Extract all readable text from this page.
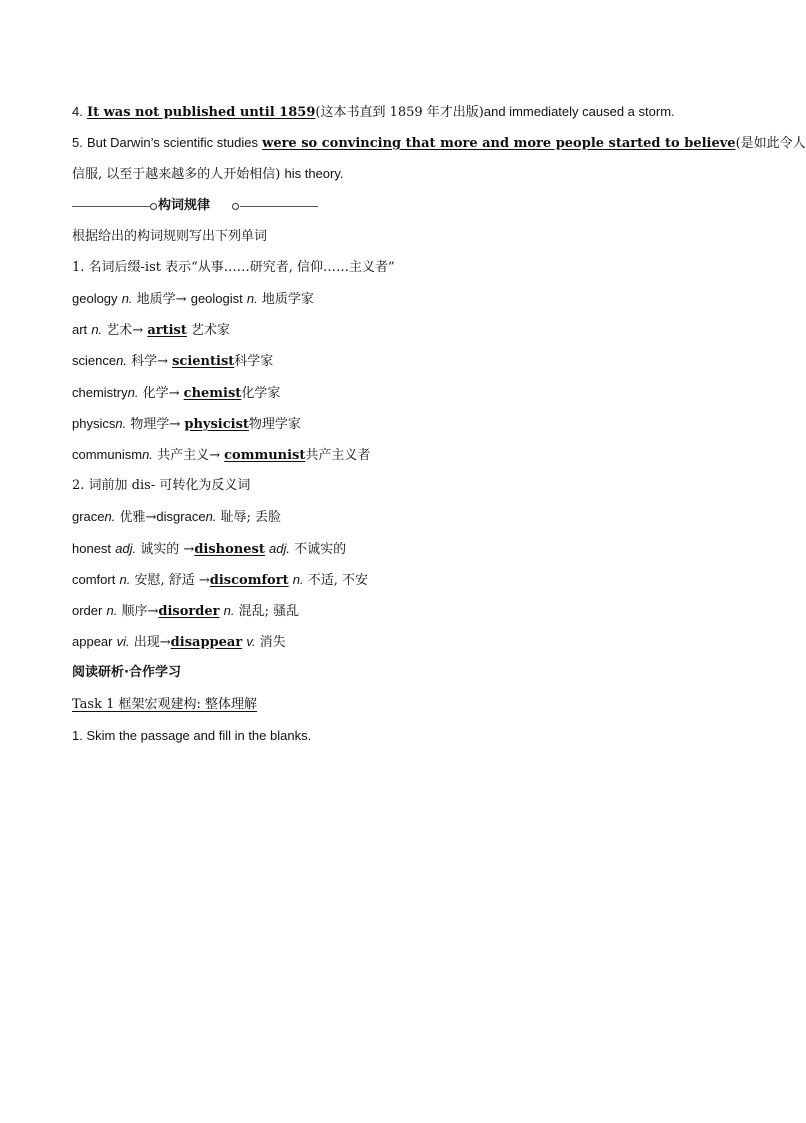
4. It was not published until 1859(这本书直到 1859 年才出版)and immediately caused a storm.
5. But Darwin’s scientific studies were so convincing that more and more people started to believe(是如此令人
信服, 以至于越来越多的人开始相信) his theory.
构词规律
根据给出的构词规则写出下列单词
1. 名词后缀-ist 表示“从事……研究者, 信仰……主义者”
geology n. 地质学→ geologist n. 地质学家
art n. 艺术→ artist 艺术家
sciencen. 科学→ scientist科学家
chemistryn. 化学→ chemist化学家
physicsn. 物理学→ physicist物理学家
communismn. 共产主义→ communist共产主义者
2. 词前加 dis- 可转化为反义词
gracen. 优雅→disgracen. 耻辱; 丢脸
honest adj. 诚实的 →dishonest adj. 不诚实的
comfort n. 安慰, 舒适 →discomfort n. 不适, 不安
order n. 顺序→disorder n. 混乱; 骚乱
appear vi. 出现→disappear v. 消失
阅读研析·合作学习
Task 1 框架宏观建构: 整体理解
1. Skim the passage and fill in the blanks.
